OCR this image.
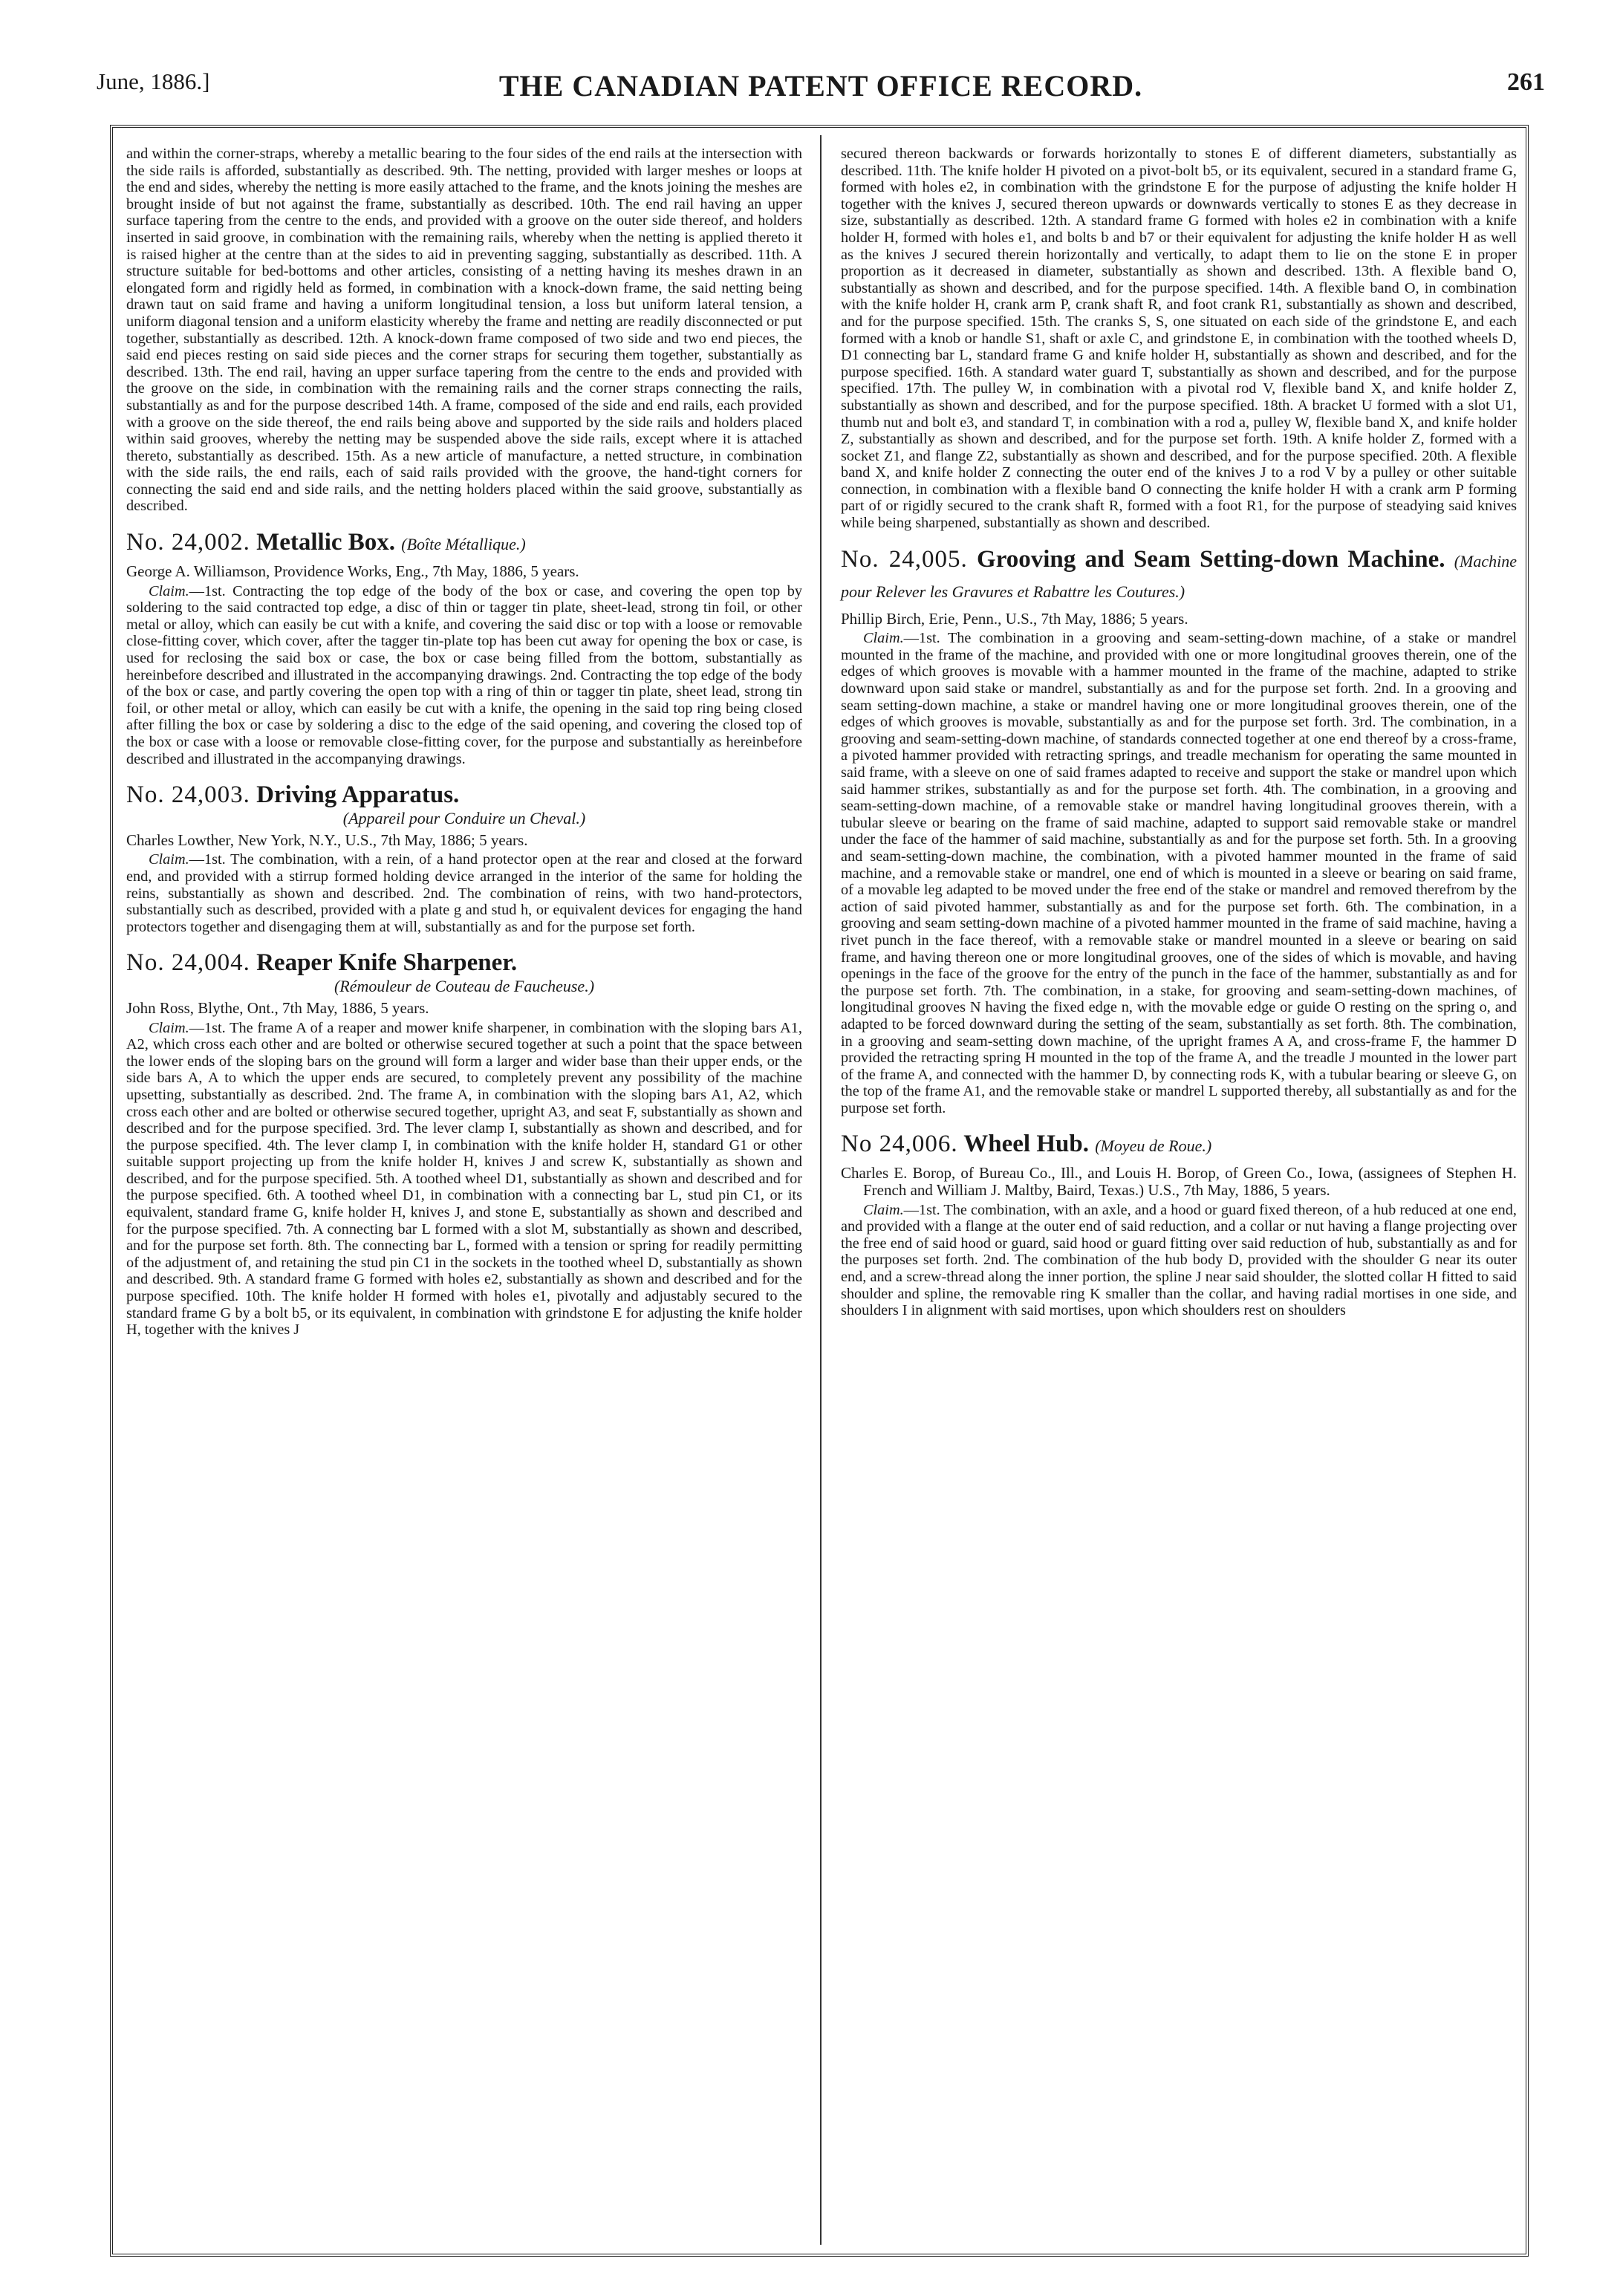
June, 1886.]	THE CANADIAN PATENT OFFICE RECORD.	261

and within the corner-straps, whereby a metallic bearing to the four sides of the end rails at the intersection with the side rails is afforded, substantially as described. 9th. The netting, provided with larger meshes or loops at the end and sides, whereby the netting is more easily attached to the frame, and the knots joining the meshes are brought inside of but not against the frame, substantially as described. 10th. The end rail having an upper surface tapering from the centre to the ends, and provided with a groove on the outer side thereof, and holders inserted in said groove, in combination with the remaining rails, whereby when the netting is applied thereto it is raised higher at the centre than at the sides to aid in preventing sagging, substantially as described. 11th. A structure suitable for bed-bottoms and other articles, consisting of a netting having its meshes drawn in an elongated form and rigidly held as formed, in combination with a knock-down frame, the said netting being drawn taut on said frame and having a uniform longitudinal tension, a loss but uniform lateral tension, a uniform diagonal tension and a uniform elasticity whereby the frame and netting are readily disconnected or put together, substantially as described. 12th. A knock-down frame composed of two side and two end pieces, the said end pieces resting on said side pieces and the corner straps for securing them together, substantially as described. 13th. The end rail, having an upper surface tapering from the centre to the ends and provided with the groove on the side, in combination with the remaining rails and the corner straps connecting the rails, substantially as and for the purpose described 14th. A frame, composed of the side and end rails, each provided with a groove on the side thereof, the end rails being above and supported by the side rails and holders placed within said grooves, whereby the netting may be suspended above the side rails, except where it is attached thereto, substantially as described. 15th. As a new article of manufacture, a netted structure, in combination with the side rails, the end rails, each of said rails provided with the groove, the hand-tight corners for connecting the said end and side rails, and the netting holders placed within the said groove, substantially as described.

No. 24,002. Metallic Box. (Boîte Métallique.)

George A. Williamson, Providence Works, Eng., 7th May, 1886, 5 years.

Claim.—1st. Contracting the top edge of the body of the box or case, and covering the open top by soldering to the said contracted top edge, a disc of thin or tagger tin plate, sheet-lead, strong tin foil, or other metal or alloy, which can easily be cut with a knife, and covering the said disc or top with a loose or removable close-fitting cover, which cover, after the tagger tin-plate top has been cut away for opening the box or case, is used for reclosing the said box or case, the box or case being filled from the bottom, substantially as hereinbefore described and illustrated in the accompanying drawings. 2nd. Contracting the top edge of the body of the box or case, and partly covering the open top with a ring of thin or tagger tin plate, sheet lead, strong tin foil, or other metal or alloy, which can easily be cut with a knife, the opening in the said top ring being closed after filling the box or case by soldering a disc to the edge of the said opening, and covering the closed top of the box or case with a loose or removable close-fitting cover, for the purpose and substantially as hereinbefore described and illustrated in the accompanying drawings.

No. 24,003. Driving Apparatus.

(Appareil pour Conduire un Cheval.)

Charles Lowther, New York, N.Y., U.S., 7th May, 1886; 5 years.

Claim.—1st. The combination, with a rein, of a hand protector open at the rear and closed at the forward end, and provided with a stirrup formed holding device arranged in the interior of the same for holding the reins, substantially as shown and described. 2nd. The combination of reins, with two hand-protectors, substantially such as described, provided with a plate g and stud h, or equivalent devices for engaging the hand protectors together and disengaging them at will, substantially as and for the purpose set forth.

No. 24,004. Reaper Knife Sharpener.

(Rémouleur de Couteau de Faucheuse.)

John Ross, Blythe, Ont., 7th May, 1886, 5 years.

Claim.—1st. The frame A of a reaper and mower knife sharpener, in combination with the sloping bars A1, A2, which cross each other and are bolted or otherwise secured together at such a point that the space between the lower ends of the sloping bars on the ground will form a larger and wider base than their upper ends, or the side bars A, A to which the upper ends are secured, to completely prevent any possibility of the machine upsetting, substantially as described. 2nd. The frame A, in combination with the sloping bars A1, A2, which cross each other and are bolted or otherwise secured together, upright A3, and seat F, substantially as shown and described and for the purpose specified. 3rd. The lever clamp I, substantially as shown and described, and for the purpose specified. 4th. The lever clamp I, in combination with the knife holder H, standard G1 or other suitable support projecting up from the knife holder H, knives J and screw K, substantially as shown and described, and for the purpose specified. 5th. A toothed wheel D1, substantially as shown and described and for the purpose specified. 6th. A toothed wheel D1, in combination with a connecting bar L, stud pin C1, or its equivalent, standard frame G, knife holder H, knives J, and stone E, substantially as shown and described and for the purpose specified. 7th. A connecting bar L formed with a slot M, substantially as shown and described, and for the purpose set forth. 8th. The connecting bar L, formed with a tension or spring for readily permitting of the adjustment of, and retaining the stud pin C1 in the sockets in the toothed wheel D, substantially as shown and described. 9th. A standard frame G formed with holes e2, substantially as shown and described and for the purpose specified. 10th. The knife holder H formed with holes e1, pivotally and adjustably secured to the standard frame G by a bolt b5, or its equivalent, in combination with grindstone E for adjusting the knife holder H, together with the knives J

secured thereon backwards or forwards horizontally to stones E of different diameters, substantially as described. 11th. The knife holder H pivoted on a pivot-bolt b5, or its equivalent, secured in a standard frame G, formed with holes e2, in combination with the grindstone E for the purpose of adjusting the knife holder H together with the knives J, secured thereon upwards or downwards vertically to stones E as they decrease in size, substantially as described. 12th. A standard frame G formed with holes e2 in combination with a knife holder H, formed with holes e1, and bolts b and b7 or their equivalent for adjusting the knife holder H as well as the knives J secured therein horizontally and vertically, to adapt them to lie on the stone E in proper proportion as it decreased in diameter, substantially as shown and described. 13th. A flexible band O, substantially as shown and described, and for the purpose specified. 14th. A flexible band O, in combination with the knife holder H, crank arm P, crank shaft R, and foot crank R1, substantially as shown and described, and for the purpose specified. 15th. The cranks S, S, one situated on each side of the grindstone E, and each formed with a knob or handle S1, shaft or axle C, and grindstone E, in combination with the toothed wheels D, D1 connecting bar L, standard frame G and knife holder H, substantially as shown and described, and for the purpose specified. 16th. A standard water guard T, substantially as shown and described, and for the purpose specified. 17th. The pulley W, in combination with a pivotal rod V, flexible band X, and knife holder Z, substantially as shown and described, and for the purpose specified. 18th. A bracket U formed with a slot U1, thumb nut and bolt e3, and standard T, in combination with a rod a, pulley W, flexible band X, and knife holder Z, substantially as shown and described, and for the purpose set forth. 19th. A knife holder Z, formed with a socket Z1, and flange Z2, substantially as shown and described, and for the purpose specified. 20th. A flexible band X, and knife holder Z connecting the outer end of the knives J to a rod V by a pulley or other suitable connection, in combination with a flexible band O connecting the knife holder H with a crank arm P forming part of or rigidly secured to the crank shaft R, formed with a foot R1, for the purpose of steadying said knives while being sharpened, substantially as shown and described.

No. 24,005. Grooving and Seam Setting-down Machine. (Machine pour Relever les Gravures et Rabattre les Coutures.)

Phillip Birch, Erie, Penn., U.S., 7th May, 1886; 5 years.

Claim.—1st. The combination in a grooving and seam-setting-down machine, of a stake or mandrel mounted in the frame of the machine, and provided with one or more longitudinal grooves therein, one of the edges of which grooves is movable with a hammer mounted in the frame of the machine, adapted to strike downward upon said stake or mandrel, substantially as and for the purpose set forth. 2nd. In a grooving and seam setting-down machine, a stake or mandrel having one or more longitudinal grooves therein, one of the edges of which grooves is movable, substantially as and for the purpose set forth. 3rd. The combination, in a grooving and seam-setting-down machine, of standards connected together at one end thereof by a cross-frame, a pivoted hammer provided with retracting springs, and treadle mechanism for operating the same mounted in said frame, with a sleeve on one of said frames adapted to receive and support the stake or mandrel upon which said hammer strikes, substantially as and for the purpose set forth. 4th. The combination, in a grooving and seam-setting-down machine, of a removable stake or mandrel having longitudinal grooves therein, with a tubular sleeve or bearing on the frame of said machine, adapted to support said removable stake or mandrel under the face of the hammer of said machine, substantially as and for the purpose set forth. 5th. In a grooving and seam-setting-down machine, the combination, with a pivoted hammer mounted in the frame of said machine, and a removable stake or mandrel, one end of which is mounted in a sleeve or bearing on said frame, of a movable leg adapted to be moved under the free end of the stake or mandrel and removed therefrom by the action of said pivoted hammer, substantially as and for the purpose set forth. 6th. The combination, in a grooving and seam setting-down machine of a pivoted hammer mounted in the frame of said machine, having a rivet punch in the face thereof, with a removable stake or mandrel mounted in a sleeve or bearing on said frame, and having thereon one or more longitudinal grooves, one of the sides of which is movable, and having openings in the face of the groove for the entry of the punch in the face of the hammer, substantially as and for the purpose set forth. 7th. The combination, in a stake, for grooving and seam-setting-down machines, of longitudinal grooves N having the fixed edge n, with the movable edge or guide O resting on the spring o, and adapted to be forced downward during the setting of the seam, substantially as set forth. 8th. The combination, in a grooving and seam-setting down machine, of the upright frames A A, and cross-frame F, the hammer D provided the retracting spring H mounted in the top of the frame A, and the treadle J mounted in the lower part of the frame A, and connected with the hammer D, by connecting rods K, with a tubular bearing or sleeve G, on the top of the frame A1, and the removable stake or mandrel L supported thereby, all substantially as and for the purpose set forth.

No 24,006. Wheel Hub. (Moyeu de Roue.)

Charles E. Borop, of Bureau Co., Ill., and Louis H. Borop, of Green Co., Iowa, (assignees of Stephen H. French and William J. Maltby, Baird, Texas.) U.S., 7th May, 1886, 5 years.

Claim.—1st. The combination, with an axle, and a hood or guard fixed thereon, of a hub reduced at one end, and provided with a flange at the outer end of said reduction, and a collar or nut having a flange projecting over the free end of said hood or guard, said hood or guard fitting over said reduction of hub, substantially as and for the purposes set forth. 2nd. The combination of the hub body D, provided with the shoulder G near its outer end, and a screw-thread along the inner portion, the spline J near said shoulder, the slotted collar H fitted to said shoulder and spline, the removable ring K smaller than the collar, and having radial mortises in one side, and shoulders I in alignment with said mortises, upon which shoulders rest on shoulders
